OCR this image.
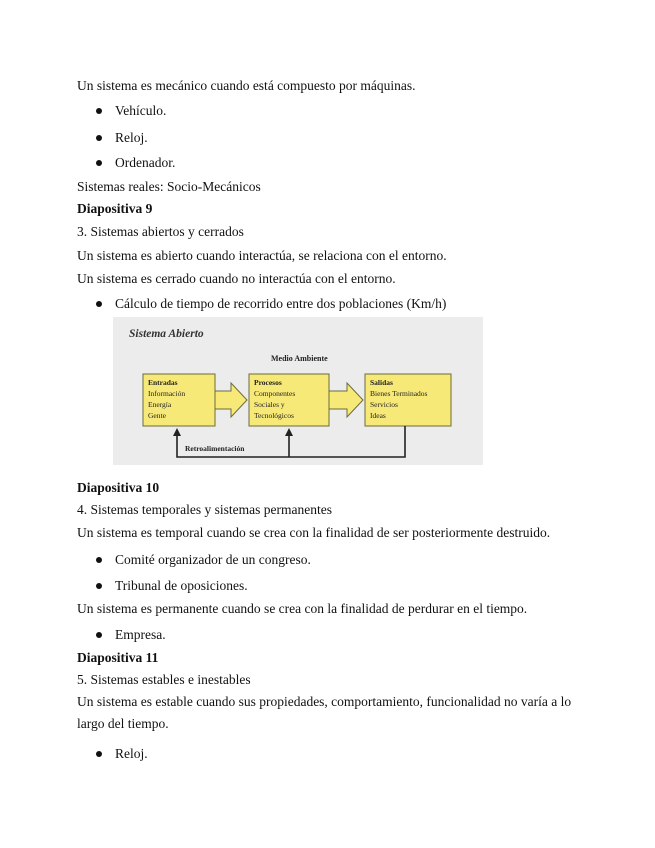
Un sistema es mecánico cuando está compuesto por máquinas.
Vehículo.
Reloj.
Ordenador.
Sistemas reales: Socio-Mecánicos
Diapositiva 9
3. Sistemas abiertos y cerrados
Un sistema es abierto cuando interactúa, se relaciona con el entorno.
Un sistema es cerrado cuando no interactúa con el entorno.
Cálculo de tiempo de recorrido entre dos poblaciones (Km/h)
Sistema Abierto
Medio Ambiente
Entradas
Información
Energía
Gente
Procesos
Componentes
Sociales y
Tecnológicos
Salidas
Bienes Terminados
Servicios
Ideas
Retroalimentación
Diapositiva 10
4. Sistemas temporales y sistemas permanentes
Un sistema es temporal cuando se crea con la finalidad de ser posteriormente destruido.
Comité organizador de un congreso.
Tribunal de oposiciones.
Un sistema es permanente cuando se crea con la finalidad de perdurar en el tiempo.
Empresa.
Diapositiva 11
5. Sistemas estables e inestables
Un sistema es estable cuando sus propiedades, comportamiento, funcionalidad no varía a lo largo del tiempo.
Reloj.
